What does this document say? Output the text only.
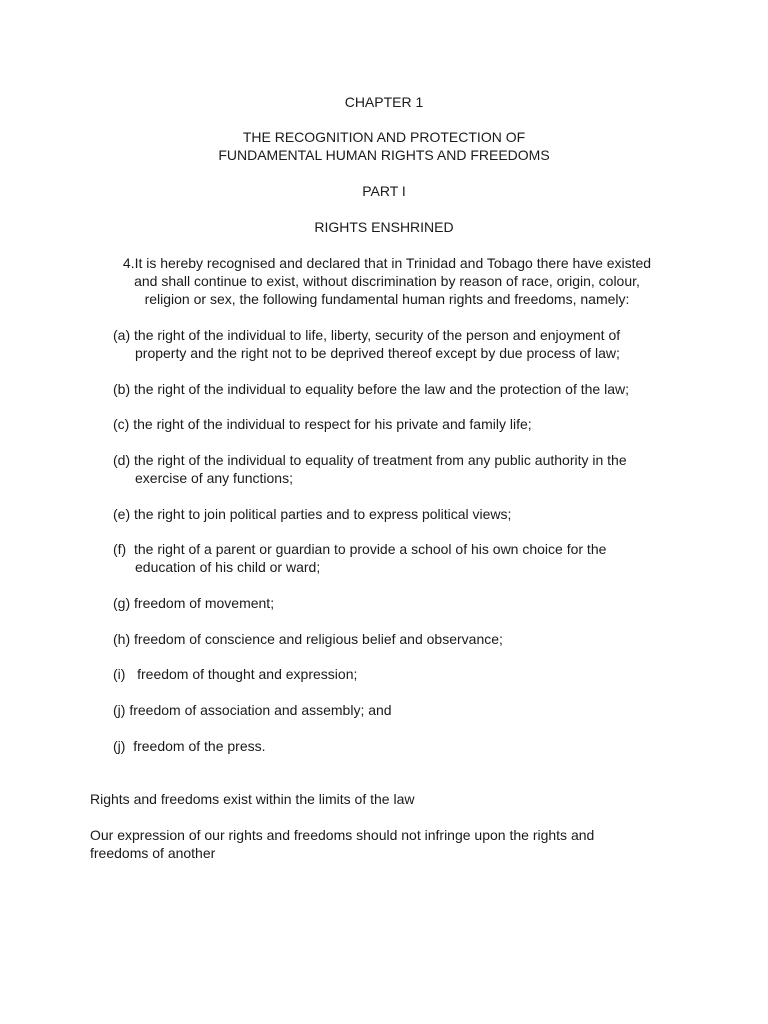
CHAPTER 1
THE RECOGNITION AND PROTECTION OF
FUNDAMENTAL HUMAN RIGHTS AND FREEDOMS
PART I
RIGHTS ENSHRINED
4.It is hereby recognised and declared that in Trinidad and Tobago there have existed
and shall continue to exist, without discrimination by reason of race, origin, colour,
religion or sex, the following fundamental human rights and freedoms, namely:
(a) the right of the individual to life, liberty, security of the person and enjoyment of
property and the right not to be deprived thereof except by due process of law;
(b) the right of the individual to equality before the law and the protection of the law;
(c) the right of the individual to respect for his private and family life;
(d) the right of the individual to equality of treatment from any public authority in the
exercise of any functions;
(e) the right to join political parties and to express political views;
(f) the right of a parent or guardian to provide a school of his own choice for the
education of his child or ward;
(g) freedom of movement;
(h) freedom of conscience and religious belief and observance;
(i) freedom of thought and expression;
(j) freedom of association and assembly; and
(j) freedom of the press.
Rights and freedoms exist within the limits of the law
Our expression of our rights and freedoms should not infringe upon the rights and
freedoms of another
